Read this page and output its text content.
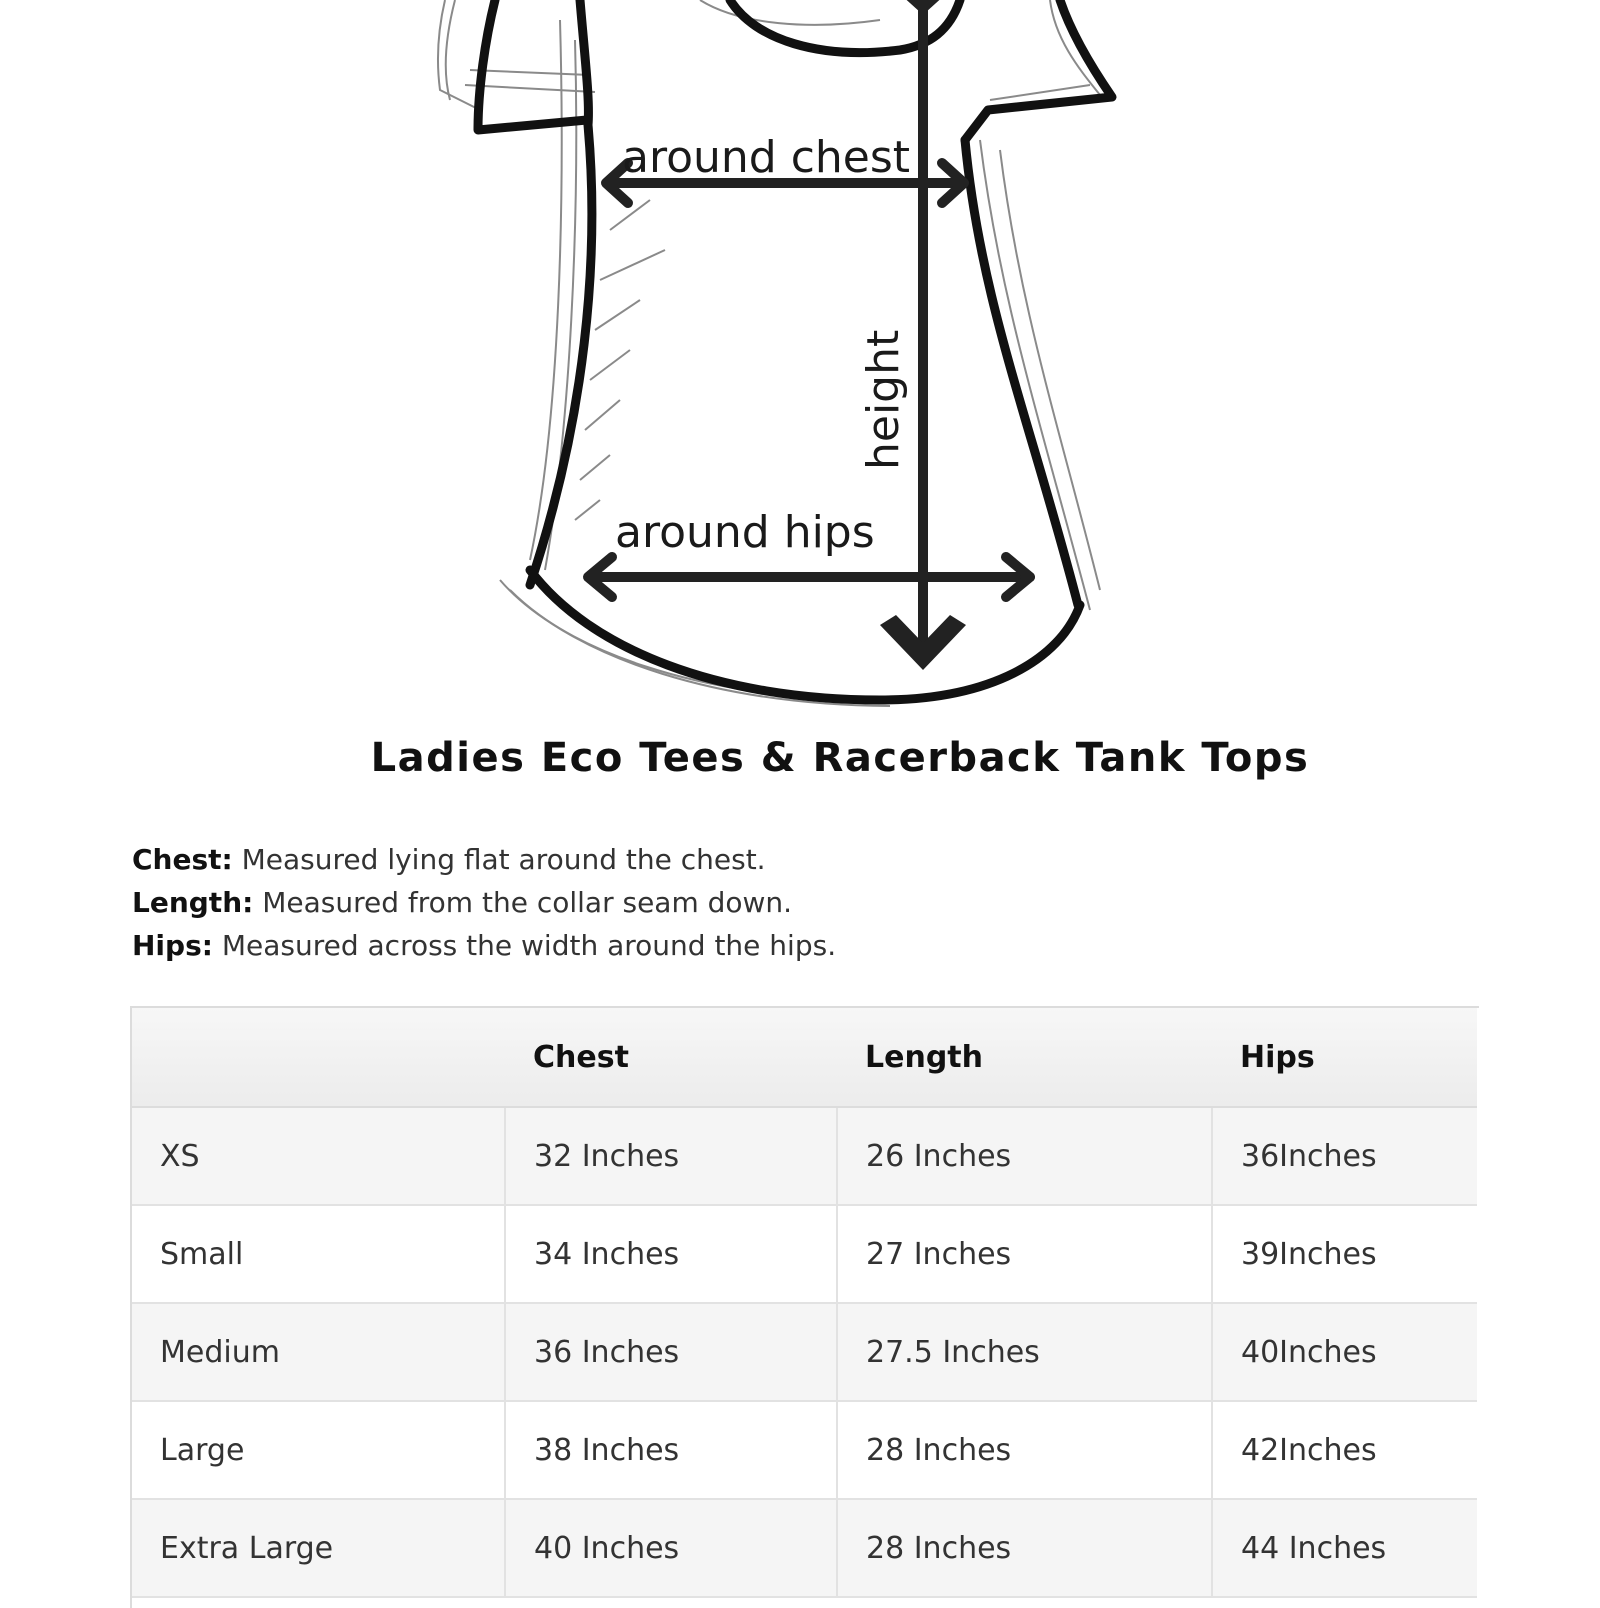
around chest
height
around hips
Ladies Eco Tees & Racerback Tank Tops
Chest: Measured lying flat around the chest.
Length: Measured from the collar seam down.
Hips: Measured across the width around the hips.
	Chest	Length	Hips
XS	32 Inches	26 Inches	36Inches
Small	34 Inches	27 Inches	39Inches
Medium	36 Inches	27.5 Inches	40Inches
Large	38 Inches	28 Inches	42Inches
Extra Large	40 Inches	28 Inches	44 Inches
